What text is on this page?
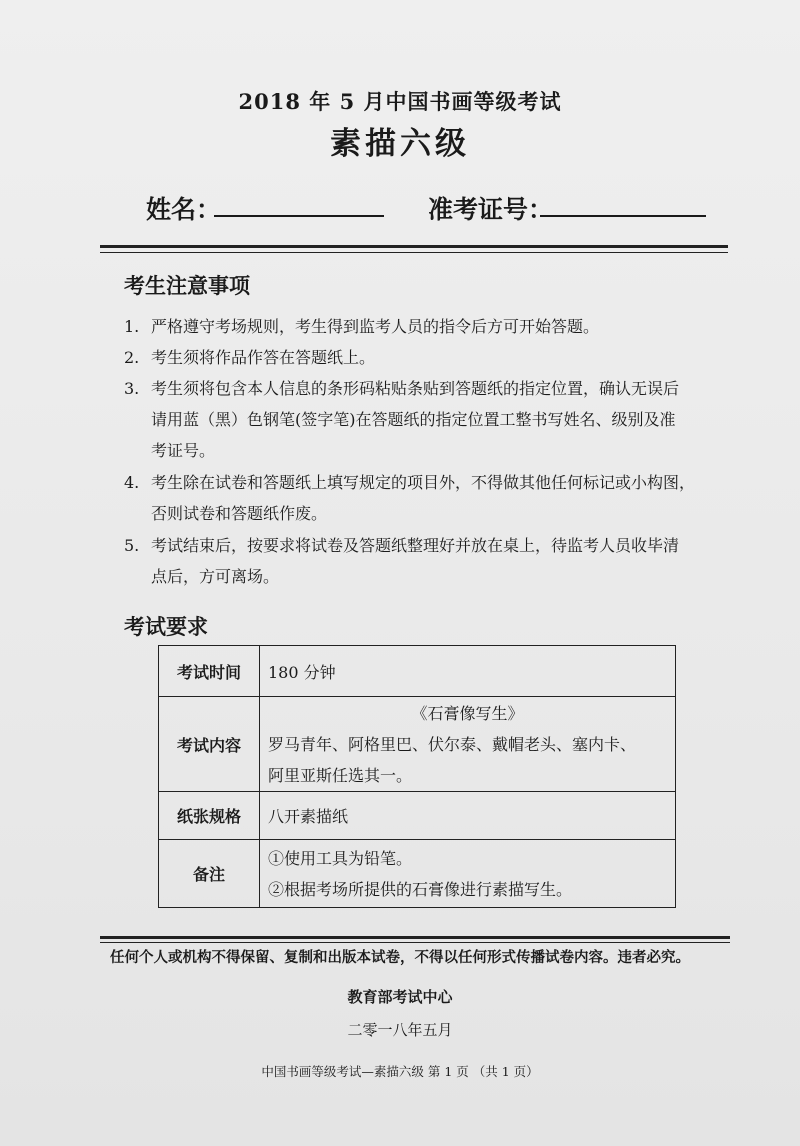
2018 年 5 月中国书画等级考试
素描六级
姓名：	准考证号：
考生注意事项
1. 严格遵守考场规则，考生得到监考人员的指令后方可开始答题。
2. 考生须将作品作答在答题纸上。
3. 考生须将包含本人信息的条形码粘贴条贴到答题纸的指定位置，确认无误后
请用蓝（黑）色钢笔(签字笔)在答题纸的指定位置工整书写姓名、级别及准
考证号。
4. 考生除在试卷和答题纸上填写规定的项目外，不得做其他任何标记或小构图，
否则试卷和答题纸作废。
5. 考试结束后，按要求将试卷及答题纸整理好并放在桌上，待监考人员收毕清
点后，方可离场。
考试要求
考试时间	180 分钟
考试内容	《石膏像写生》
罗马青年、阿格里巴、伏尔泰、戴帽老头、塞内卡、
阿里亚斯任选其一。

纸张规格	八开素描纸
备注	①使用工具为铅笔。
②根据考场所提供的石膏像进行素描写生。
任何个人或机构不得保留、复制和出版本试卷，不得以任何形式传播试卷内容。违者必究。
教育部考试中心
二零一八年五月
中国书画等级考试—素描六级 第 1 页 （共 1 页）
